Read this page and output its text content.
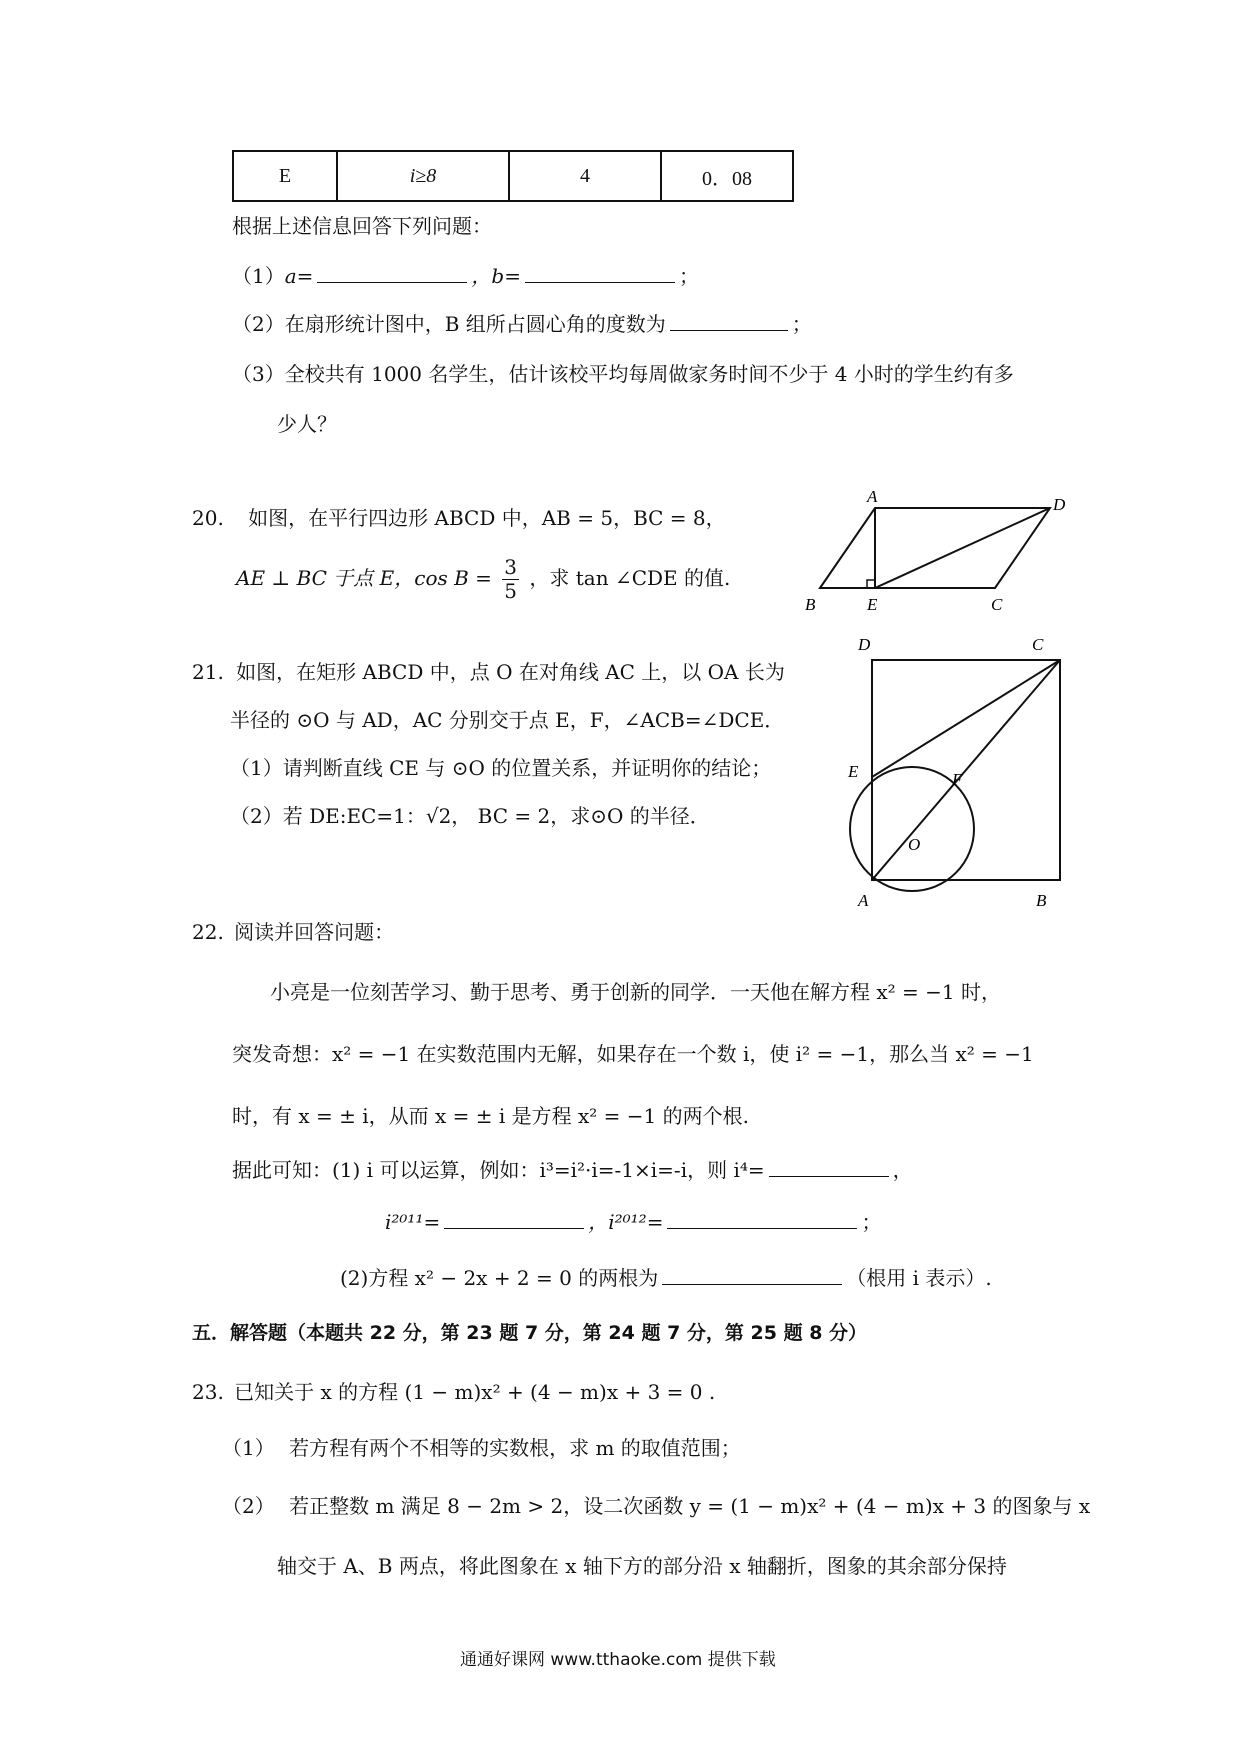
E	i≥8	4	0．08
根据上述信息回答下列问题：
（1）a=	，b=	；
（2）在扇形统计图中，B 组所占圆心角的度数为	；
（3）全校共有 1000 名学生，估计该校平均每周做家务时间不少于 4 小时的学生约有多
少人？
20. 如图，在平行四边形 ABCD 中，AB = 5，BC = 8，
AE ⊥ BC 于点 E，$\cos B = \frac{3}{5}$ ，求 tan ∠CDE 的值.
A	D
B	E	C
21. 如图，在矩形 ABCD 中，点 O 在对角线 AC 上，以 OA 长为
半径的 ⊙O 与 AD，AC 分别交于点 E，F，∠ACB=∠DCE．
（1）请判断直线 CE 与 ⊙O 的位置关系，并证明你的结论；
（2）若 DE:EC=1：√2， BC = 2，求⊙O 的半径．
D	C
E	F
O
A	B
22. 阅读并回答问题：
小亮是一位刻苦学习、勤于思考、勇于创新的同学．一天他在解方程 x² = −1 时，
突发奇想：x² = −1 在实数范围内无解，如果存在一个数 i，使 i² = −1，那么当 x² = −1
时，有 x = ± i，从而 x = ± i 是方程 x² = −1 的两个根.
据此可知：(1) i 可以运算，例如：i³=i²·i=-1×i=-i，则 i⁴=	，
i²⁰¹¹=	，i²⁰¹²=	；
(2)方程 x² − 2x + 2 = 0 的两根为	（根用 i 表示）.
五．解答题（本题共 22 分，第 23 题 7 分，第 24 题 7 分，第 25 题 8 分）
23. 已知关于 x 的方程 (1 − m)x² + (4 − m)x + 3 = 0 .
（1） 若方程有两个不相等的实数根，求 m 的取值范围；
（2） 若正整数 m 满足 8 − 2m > 2，设二次函数 y = (1 − m)x² + (4 − m)x + 3 的图象与 x
轴交于 A、B 两点，将此图象在 x 轴下方的部分沿 x 轴翻折，图象的其余部分保持
通通好课网 www.tthaoke.com 提供下载
